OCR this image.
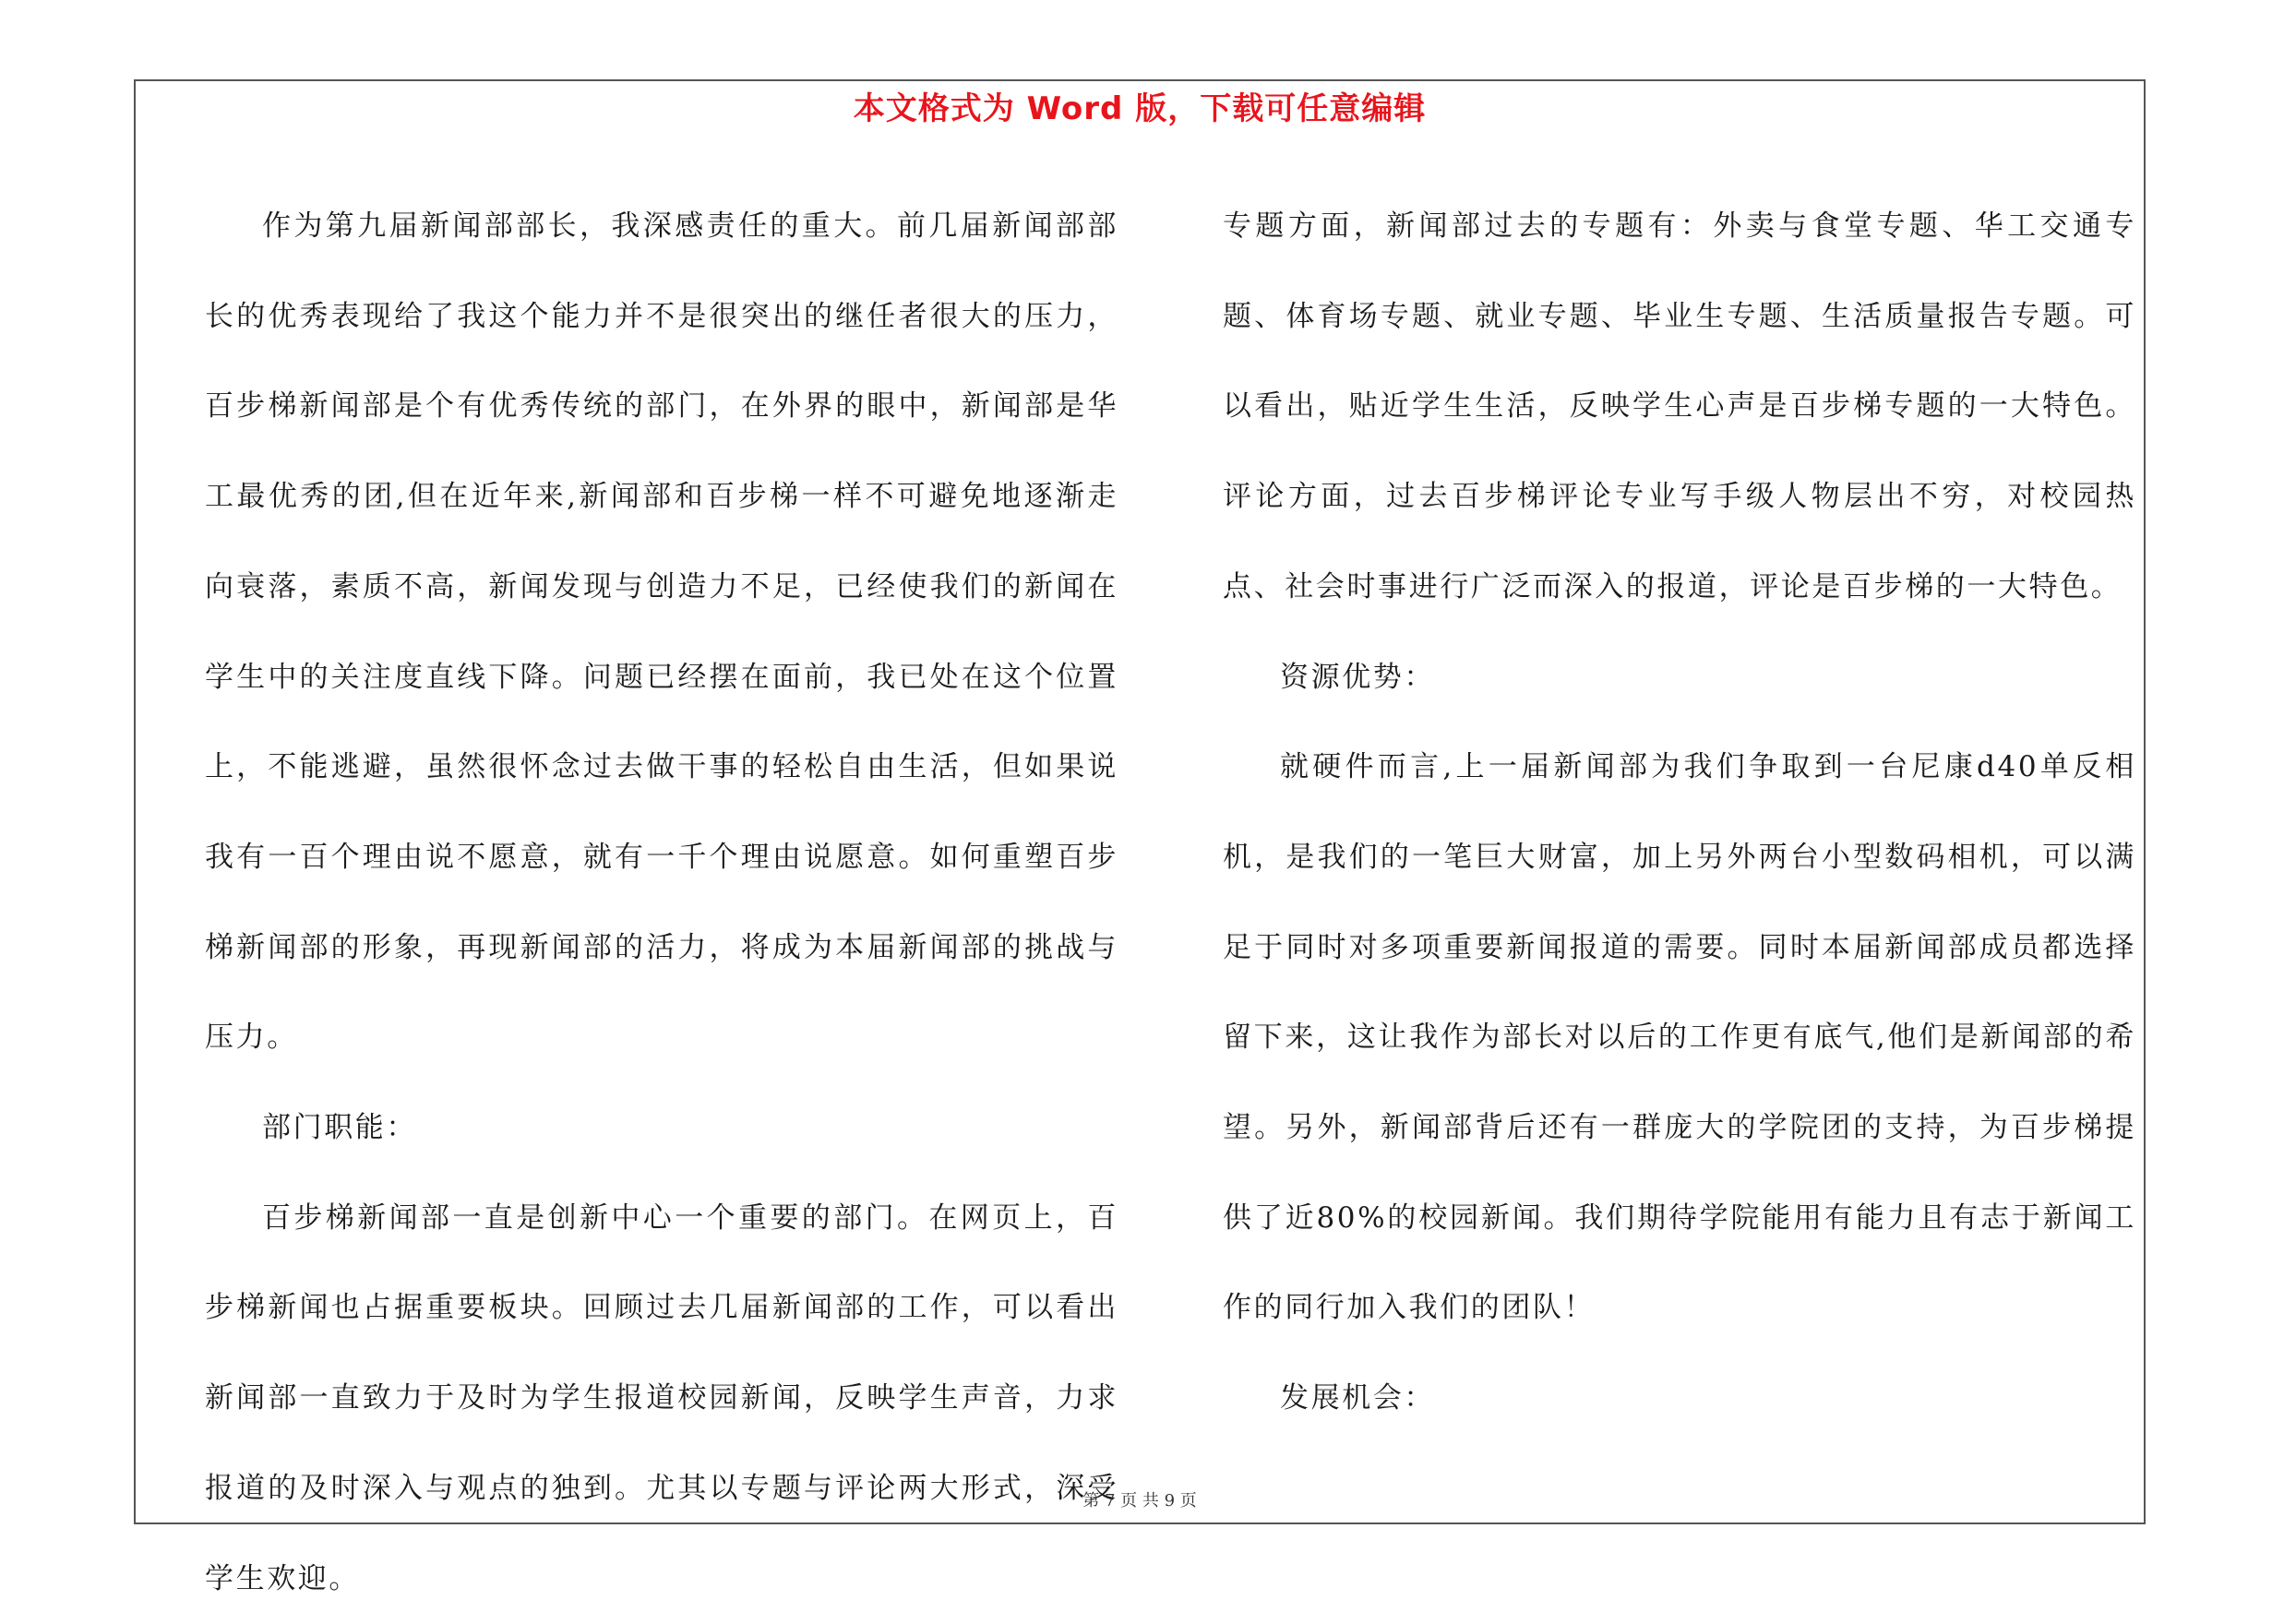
本文格式为 Word 版，下载可任意编辑

作为第九届新闻部部长，我深感责任的重大。前几届新闻部部长的优秀表现给了我这个能力并不是很突出的继任者很大的压力，百步梯新闻部是个有优秀传统的部门，在外界的眼中，新闻部是华工最优秀的团,但在近年来,新闻部和百步梯一样不可避免地逐渐走向衰落，素质不高，新闻发现与创造力不足，已经使我们的新闻在学生中的关注度直线下降。问题已经摆在面前，我已处在这个位置上，不能逃避，虽然很怀念过去做干事的轻松自由生活，但如果说我有一百个理由说不愿意，就有一千个理由说愿意。如何重塑百步梯新闻部的形象，再现新闻部的活力，将成为本届新闻部的挑战与压力。

部门职能：

百步梯新闻部一直是创新中心一个重要的部门。在网页上，百步梯新闻也占据重要板块。回顾过去几届新闻部的工作，可以看出新闻部一直致力于及时为学生报道校园新闻，反映学生声音，力求报道的及时深入与观点的独到。尤其以专题与评论两大形式，深受学生欢迎。

专题方面，新闻部过去的专题有：外卖与食堂专题、华工交通专题、体育场专题、就业专题、毕业生专题、生活质量报告专题。可以看出，贴近学生生活，反映学生心声是百步梯专题的一大特色。评论方面，过去百步梯评论专业写手级人物层出不穷，对校园热点、社会时事进行广泛而深入的报道，评论是百步梯的一大特色。

资源优势：

就硬件而言,上一届新闻部为我们争取到一台尼康d40单反相机，是我们的一笔巨大财富，加上另外两台小型数码相机，可以满足于同时对多项重要新闻报道的需要。同时本届新闻部成员都选择留下来，这让我作为部长对以后的工作更有底气,他们是新闻部的希望。另外，新闻部背后还有一群庞大的学院团的支持，为百步梯提供了近80%的校园新闻。我们期待学院能用有能力且有志于新闻工作的同行加入我们的团队！

发展机会：

第 7 页 共 9 页
